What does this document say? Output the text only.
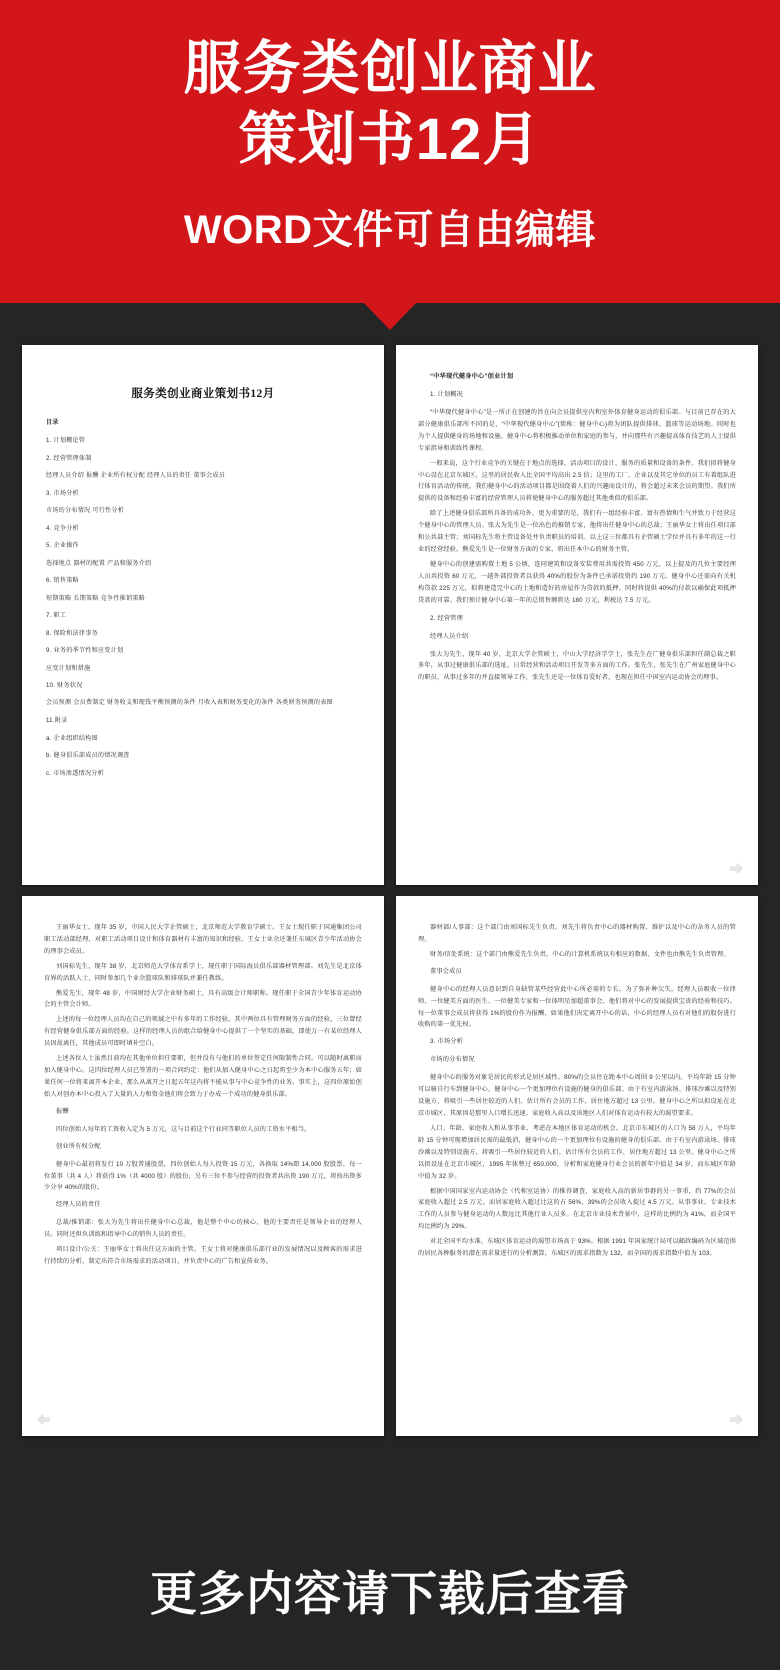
服务类创业商业
策划书12月
WORD文件可自由编辑
服务类创业商业策划书12月
目录
1. 计划概论管
2. 经营管理体制
经理人员介绍 报酬 企业所有权分配 经理人员的责任 董事会成员
3. 市场分析
市场的分布情况 可行性分析
4. 竞争分析
5. 企业操作
选择地点 器材的配置 产品和服务介绍
6. 销售策略
短期策略 长期策略 竞争性推销策略
7. 职工
8. 保险和法律事务
9. 业务的季节性和应变计划
应变计划和措施
10. 财务状况
会员预测 会员费制定 财务收支和现钱平衡预测的条件 月收入表和财务变化的条件 各类财务预测的表图
11.附录
a. 企业组织结构图
b. 健身俱乐部成员的情况调查
c. 市场渗透情况分析
“中华现代健身中心”创业计划
1. 计划概况
“中华现代健身中心”是一所正在创建的旨在向会员提供室内和室外体育健身运动的俱乐部。与目前已存在的大部分健康俱乐部所不同的是，“中华现代健身中心”(简称：健身中心)将为团队提供排球、篮球等运动场地。同时也为个人提供健身的场地和设施。健身中心将积极推动单位和家庭的参与，并向那些有兴趣提高体育技艺的人士提供专家指导和训练性课程。
一般来说，这个行业竞争的关键在于地点的选择、活动项目的设计、服务的质量和设备的条件。我们拟将健身中心设在北京东城区，这里的居民收入比全国平均高出 2.5 倍；这里的工厂、企业以及其它单位的员工有着组队进行体育活动的传统。我们健身中心的活动项目都是围绕着人们的兴趣而设计的，将会超过未来会员的期望。我们所提供的设备和经验丰富的经营管理人员将使健身中心的服务超过其他类似的俱乐部。
除了上述健身俱乐部所具备的成功外，更为重要的是，我们有一组经验丰富、富有热情和生气并致力于经营这个健身中心的管理人员。张大为先生是一位出色的推销专家，他将出任健身中心的总裁；王丽华女士将出任项目部和公共部主管；刘国标先生将主管设备处并负责职员的培训。以上这三位都具有企管硕士学位并具有多年的这一行业的经营经验。熊爱先生是一位财务方面的专家，将出任本中心的财务主管。
健身中心的创建需购置土地 5 公顷，连同建筑和设备安装费用共需投资 450 万元，以上提及的几位主要经理人员共投资 60 万元，一越外部投资者以获得 40%的股份为条件已承诺投资约 190 万元。健身中心还需向有关机构贷款 225 万元，拟将建造完中心的土地和造好的房屋作为贷款的抵押。同时将提供 40%的付款以确保此项抵押贷款的可靠。我们预计健身中心第一年的总销售额将达 180 万元，利税达 7.5 万元。
2. 经营管理
经理人员介绍
张大为先生，现年 40 岁，北京大学企管硕士，中山大学经济学学士，张先生在广健身俱乐部担任副总裁之职多年，从事过健康俱乐部的选址、日常经营和活动项目开发等多方面的工作。张先生，张先生在广州家庭健身中心的职员，从事过多年的并直接领导工作，张先生还是一位体育爱好者，也现在担任中国室内运动协会的理事。
王丽华女士，现年 35 岁，中国人民大学企管硕士，北京师范大学教育学硕士。王女士现任职于国通集团公司职工活动部经理，对职工活动项目设计和体育器材有丰富的知识和经验。王女士业余还兼任东城区青少年活动协会的理事会成员。
刘国标先生，现年 38 岁，北京师范大学体育系学士，现任职于国际海员俱乐部器材管理部。刘先生是北京体育界的活跃人士，同时参加几个业余篮球队和排球队并兼任教练。
熊爱先生，现年 48 岁，中国财经大学企业财务硕士，具有高级会计师职称。现任职于全国青少年体育运动协会的主管会计师。
上述的每一位经理人员均在自己的领域之中有多年的工作经验。其中两位具有管理财务方面的经验，三位曾经有经营健身俱乐部方面的经验。这样的经理人员的组合给健身中心提供了一个坚实的基础，即使万一有某位经理人员因故离任，其他成员可即时填补空白。
上述各位人士虽然目前均在其他单位担任要职，但并没有与他们的单位签定任何限制性合同。可以随时离职而加入健身中心。这四位经理人员已签署的一项合同约定：他们从加入健身中心之日起将至少为本中心服务五年；如果任何一位将来离开本企业，那么从离开之日起五年这内将不能从事与中心竞争性的业务。事实上，这四位原始创始人对创办本中心投入了大量的人力和资金他们将会致力于办成一个成功的健身俱乐部。
报酬
四位创始人每年的工资收入定为 5 万元，这与目前这个行业同等职位人员的工资水平相当。
创业所有权分配
健身中心最初将发行 10 万股普通股票，四位创始人每人投资 15 万元，各换取 14%即 14,000 股股票。每一位董事（共 4 人）将获得 1%（共 4000 股）的股份，另有三位不参与经营的投资者共出资 190 万元，将按出资多少分享 40%的股份。
经理人员的责任
总裁/推销部：张大为先生将出任健身中心总裁，他是整个中心的核心，他的主要责任是领导企业的经理人员。同时还担负训练和指导中心的销售人员的责任。
项目设计/公关：王丽华女士将出任这方面的主管。王女士将对健康俱乐部行业的发展情况以及顾客的需求进行持续的分析，制定出符合市场需求的活动项目，并负责中心的广告和宣传业务。
器材部/人事部：这个部门由刘国标先生负责。刘先生将负责中心的器材购置、维护以及中心的杂务人员的管理。
财务/信处系统：这个部门由熊爱先生负责。中心的计算机系统以有相应的数据、文件也由熊先生负责管理。
董事会成员
健身中心的经理人员意识到自身缺管某些经营此中心所必需的专长。为了弥补种欠失，经理人员吸收一位律师、一位健美方面的医生、一位健美专家和一位体明星加超董事会。他们将对中心的发展提供宝贵的经验和技巧。每一位董事会成员将获得 1%的股份作为报酬，如果他们决定离开中心的话，中心的经理人员有对他们的股份进行收购的第一优先权。
3. 市场分析
市场的分布情况
健身中心的服务对象是居民的形式是居区域性。80%的会员住在距本中心周围 9 公里以内。平均年龄 15 分钟可以骑自行车到健身中心，健身中心一个更加理位有设施的健身的俱乐部。由于有室内游泳场、排球沙滩以及特别设施方，将吸引一些居住较近的人们。估计所有会员的工作、居住地方超过 13 公里。健身中心之所以拟设址在北京市城区，其原因是那里人口增长迅速。家庭收入高以及该地区人们对体育运动有较大的渴望要求。
人口、年龄、家庭收入和从事事业、考虑在本地区体育运动的机会。北京市东城区的人口为 58 万人，平均年龄 15 分钟可现增加居民需的最低消，健身中心的一个更加理位有设施的健身的俱乐部。由于有室内游泳场、排球沙滩以及特别设施方，将吸引一些居住较近的人们。估计所有会员的工作、居住地方超过 13 公里。健身中心之所以拟设址在北京市城区，1995 年体整过 650,000，分析和家庭健身行业会员的新年中值是 34 岁。而东城区年龄中值为 32 岁。
根据中国国家室内运动协会（代称室运协）的推得调查，家庭收入高的新居事群的另一事重，约 77%的会员家庭收入超过 2.5 万元。而居家庭收入超过比这的占 56%，39%的会员收入提过 4.5 万元。从事事业、专业技术工作的人员参与健身运动的人数远比其他行业人员多。在北京市业技术背景中，这样的比例约为 41%，而全国平均比例约为 29%。
对北全国平均水准，东城区体育运动的渴望市场高于 93%。根据 1991 年国家统计局可以邮政编码为区域范围的居民各种服务的潜在需求量进行的分析测算，东城区的需求指数为 132，而全国的需求指数中值为 103。
更多内容请下载后查看
